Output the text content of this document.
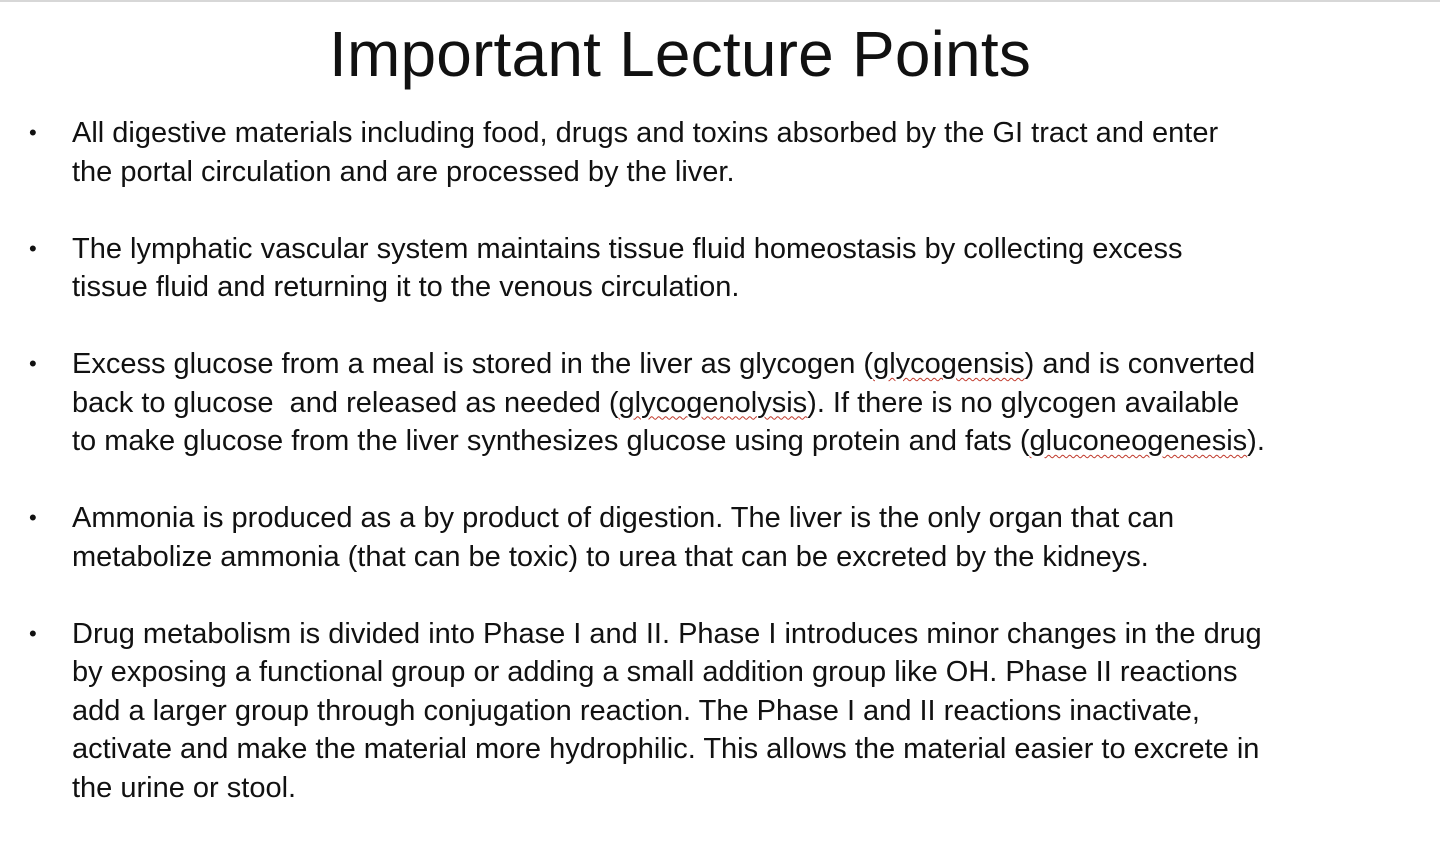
Important Lecture Points
• All digestive materials including food, drugs and toxins absorbed by the GI tract and enter
the portal circulation and are processed by the liver.
• The lymphatic vascular system maintains tissue fluid homeostasis by collecting excess
tissue fluid and returning it to the venous circulation.
• Excess glucose from a meal is stored in the liver as glycogen (glycogensis) and is converted
back to glucose  and released as needed (glycogenolysis). If there is no glycogen available
to make glucose from the liver synthesizes glucose using protein and fats (gluconeogenesis).
• Ammonia is produced as a by product of digestion. The liver is the only organ that can
metabolize ammonia (that can be toxic) to urea that can be excreted by the kidneys.
• Drug metabolism is divided into Phase I and II. Phase I introduces minor changes in the drug
by exposing a functional group or adding a small addition group like OH. Phase II reactions
add a larger group through conjugation reaction. The Phase I and II reactions inactivate,
activate and make the material more hydrophilic. This allows the material easier to excrete in
the urine or stool.
